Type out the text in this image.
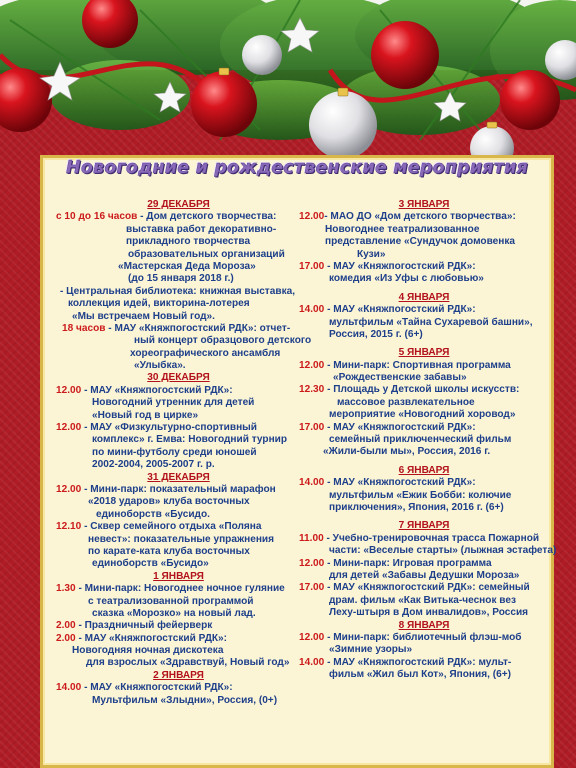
Новогодние и рождественские мероприятия
29 ДЕКАБРЯ
с 10 до 16 часов - Дом детского творчества:
выставка работ декоративно-
прикладного творчества
образовательных организаций
«Мастерская Деда Мороза»
(до 15 января 2018 г.)
- Центральная библиотека: книжная выставка,
коллекция идей, викторина-лотерея
«Мы встречаем Новый год».
18 часов - МАУ «Княжпогостский РДК»: отчет-
ный концерт образцового детского
хореографического ансамбля
«Улыбка».
30 ДЕКАБРЯ
12.00 - МАУ «Княжпогостский РДК»:
Новогодний утренник для детей
«Новый год в цирке»
12.00 - МАУ «Физкультурно-спортивный
комплекс» г. Емва: Новогодний турнир
по мини-футболу среди юношей
2002-2004, 2005-2007 г. р.
31 ДЕКАБРЯ
12.00 - Мини-парк: показательный марафон
«2018 ударов» клуба восточных
единоборств «Бусидо.
12.10 - Сквер семейного отдыха «Поляна
невест»: показательные упражнения
по карате-ката клуба восточных
единоборств «Бусидо»
1 ЯНВАРЯ
1.30 - Мини-парк: Новогоднее ночное гуляние
с театрализованной программой
сказка «Морозко» на новый лад.
2.00 - Праздничный фейерверк
2.00 - МАУ «Княжпогостский РДК»:
Новогодняя ночная дискотека
для взрослых «Здравствуй, Новый год»
2 ЯНВАРЯ
14.00 - МАУ «Княжпогостский РДК»:
Мультфильм «Злыдни», Россия, (0+)
3 ЯНВАРЯ
12.00- МАО ДО «Дом детского творчества»:
Новогоднее театрализованное
представление «Сундучок домовенка
Кузи»
17.00 - МАУ «Княжпогостский РДК»:
комедия «Из Уфы с любовью»
4 ЯНВАРЯ
14.00 - МАУ «Княжпогостский РДК»:
мультфильм «Тайна Сухаревой башни»,
Россия, 2015 г. (6+)
5 ЯНВАРЯ
12.00 - Мини-парк: Спортивная программа
«Рождественские забавы»
12.30 - Площадь у Детской школы искусств:
массовое развлекательное
мероприятие «Новогодний хоровод»
17.00 - МАУ «Княжпогостский РДК»:
семейный приключенческий фильм
«Жили-были мы», Россия, 2016 г.
6 ЯНВАРЯ
14.00 - МАУ «Княжпогостский РДК»:
мультфильм «Ежик Бобби: колючие
приключения», Япония, 2016 г. (6+)
7 ЯНВАРЯ
11.00 - Учебно-тренировочная трасса Пожарной
части: «Веселые старты» (лыжная эстафета)
12.00 - Мини-парк: Игровая программа
для детей «Забавы Дедушки Мороза»
17.00 - МАУ «Княжпогостский РДК»: семейный
драм. фильм «Как Витька-чеснок вез
Леху-штыря в Дом инвалидов», Россия
8 ЯНВАРЯ
12.00 - Мини-парк: библиотечный флэш-моб
«Зимние узоры»
14.00 - МАУ «Княжпогостский РДК»: мульт-
фильм «Жил был Кот», Япония, (6+)
